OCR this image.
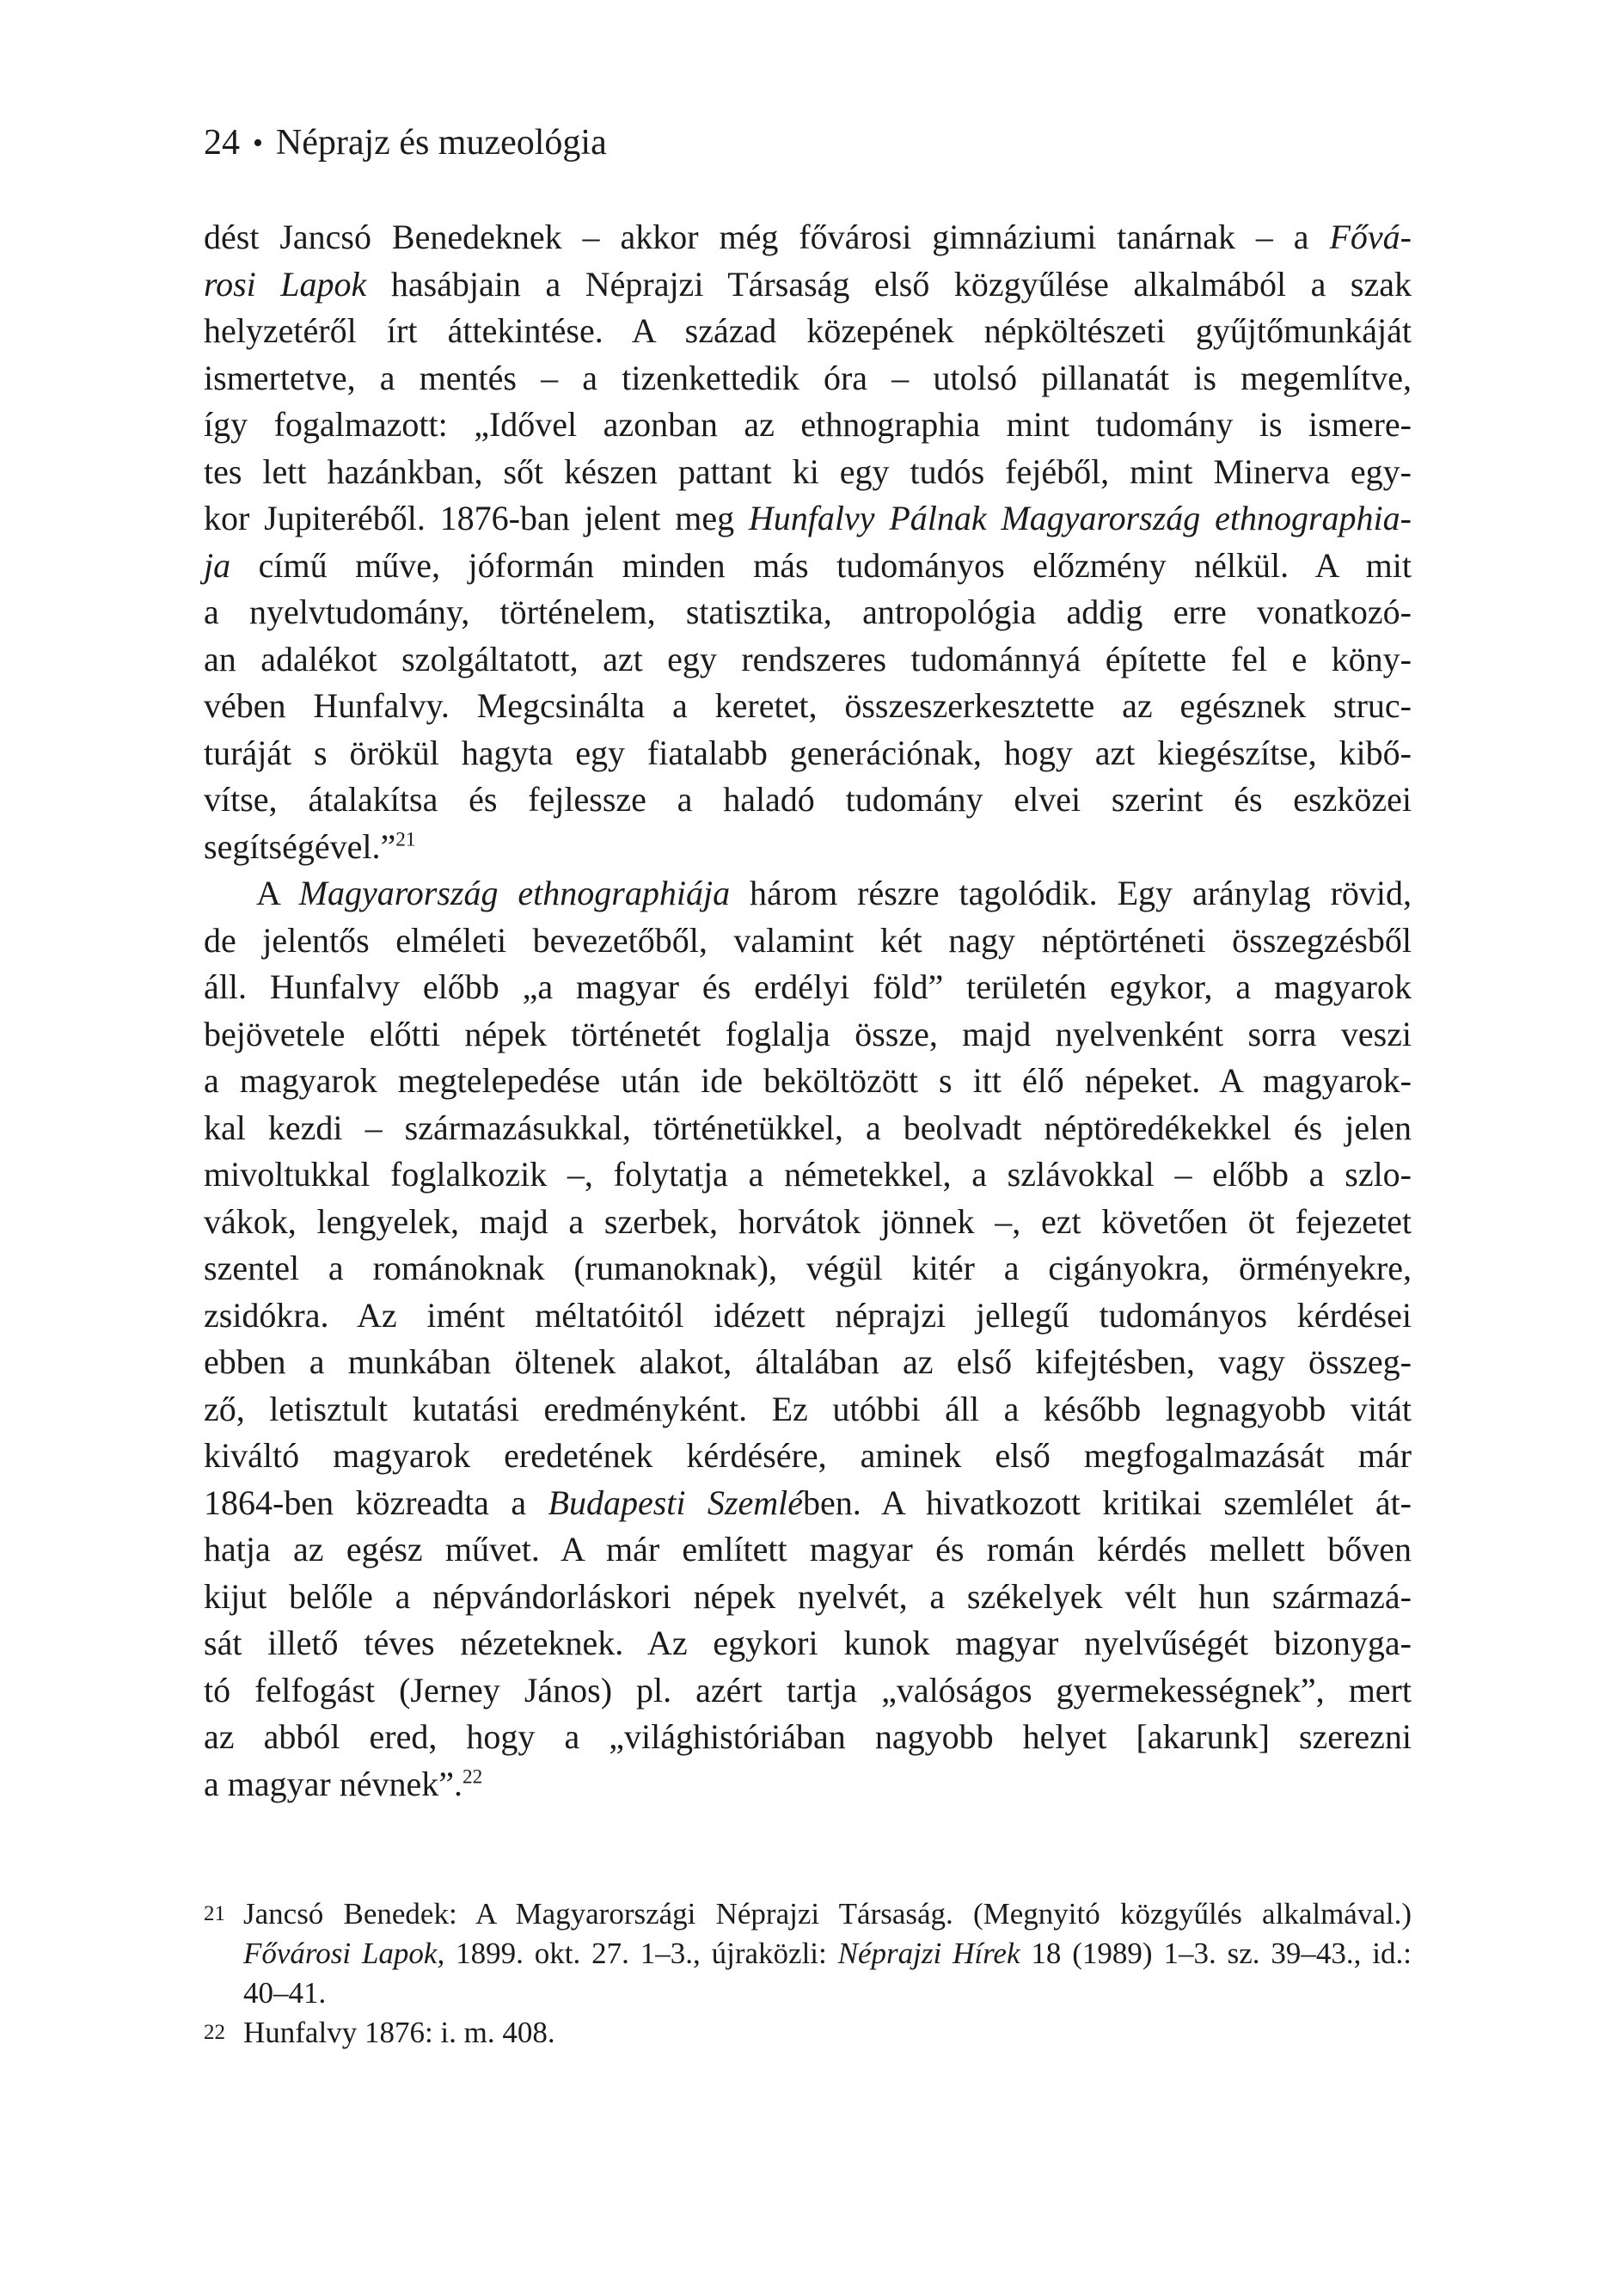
24 • Néprajz és muzeológia
dést Jancsó Benedeknek – akkor még fővárosi gimnáziumi tanárnak – a Fővá-
rosi Lapok hasábjain a Néprajzi Társaság első közgyűlése alkalmából a szak
helyzetéről írt áttekintése. A század közepének népköltészeti gyűjtőmunkáját
ismertetve, a mentés – a tizenkettedik óra – utolsó pillanatát is megemlítve,
így fogalmazott: „Idővel azonban az ethnographia mint tudomány is ismere-
tes lett hazánkban, sőt készen pattant ki egy tudós fejéből, mint Minerva egy-
kor Jupiteréből. 1876-ban jelent meg Hunfalvy Pálnak Magyarország ethnographia-
ja című műve, jóformán minden más tudományos előzmény nélkül. A mit
a nyelvtudomány, történelem, statisztika, antropológia addig erre vonatkozó-
an adalékot szolgáltatott, azt egy rendszeres tudománnyá építette fel e köny-
vében Hunfalvy. Megcsinálta a keretet, összeszerkesztette az egésznek struc-
turáját s örökül hagyta egy fiatalabb generációnak, hogy azt kiegészítse, kibő-
vítse, átalakítsa és fejlessze a haladó tudomány elvei szerint és eszközei
segítségével.”$^{21}$
A Magyarország ethnographiája három részre tagolódik. Egy aránylag rövid,
de jelentős elméleti bevezetőből, valamint két nagy néptörténeti összegzésből
áll. Hunfalvy előbb „a magyar és erdélyi föld” területén egykor, a magyarok
bejövetele előtti népek történetét foglalja össze, majd nyelvenként sorra veszi
a magyarok megtelepedése után ide beköltözött s itt élő népeket. A magyarok-
kal kezdi – származásukkal, történetükkel, a beolvadt néptöredékekkel és jelen
mivoltukkal foglalkozik –, folytatja a németekkel, a szlávokkal – előbb a szlo-
vákok, lengyelek, majd a szerbek, horvátok jönnek –, ezt követően öt fejezetet
szentel a románoknak (rumanoknak), végül kitér a cigányokra, örményekre,
zsidókra. Az imént méltatóitól idézett néprajzi jellegű tudományos kérdései
ebben a munkában öltenek alakot, általában az első kifejtésben, vagy összeg-
ző, letisztult kutatási eredményként. Ez utóbbi áll a később legnagyobb vitát
kiváltó magyarok eredetének kérdésére, aminek első megfogalmazását már
1864-ben közreadta a Budapesti Szemlében. A hivatkozott kritikai szemlélet át-
hatja az egész művet. A már említett magyar és román kérdés mellett bőven
kijut belőle a népvándorláskori népek nyelvét, a székelyek vélt hun származá-
sát illető téves nézeteknek. Az egykori kunok magyar nyelvűségét bizonyga-
tó felfogást (Jerney János) pl. azért tartja „valóságos gyermekességnek”, mert
az abból ered, hogy a „világhistóriában nagyobb helyet [akarunk] szerezni
a magyar névnek”.$^{22}$
21 Jancsó Benedek: A Magyarországi Néprajzi Társaság. (Megnyitó közgyűlés alkalmával.)
Fővárosi Lapok, 1899. okt. 27. 1–3., újraközli: Néprajzi Hírek 18 (1989) 1–3. sz. 39–43., id.:
40–41.
22 Hunfalvy 1876: i. m. 408.
